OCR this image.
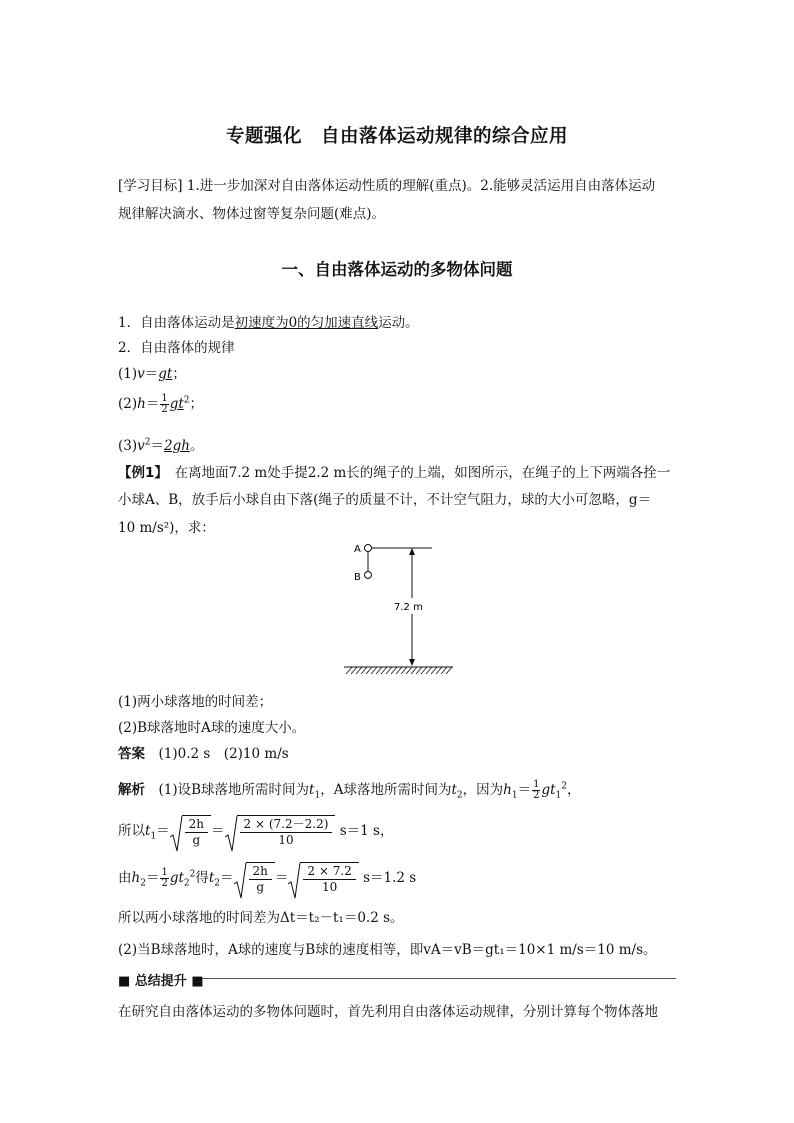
专题强化　自由落体运动规律的综合应用
[学习目标] 1.进一步加深对自由落体运动性质的理解(重点)。2.能够灵活运用自由落体运动
规律解决滴水、物体过窗等复杂问题(难点)。
一、自由落体运动的多物体问题
1．自由落体运动是初速度为0的匀加速直线运动。
2．自由落体的规律
(1)v＝gt；
$(2)h= \frac{1}{2} gt^2$；
$(3)v^2=2gh$。
【例1】　在离地面7.2 m处手提2.2 m长的绳子的上端，如图所示，在绳子的上下两端各拴一
小球A、B，放手后小球自由下落(绳子的质量不计，不计空气阻力，球的大小可忽略，g＝
10 m/s²)，求：
A
B
7.2 m
(1)两小球落地的时间差；
(2)B球落地时A球的速度大小。
答案　(1)0.2 s　(2)10 m/s
解析　(1)设B球落地所需时间为$t_1$，A球落地所需时间为$t_2$，因为$h_1= \frac{1}{2} gt_1^2$，
所以$t_1= \frac{2h}{g} = \frac{2 \times (7.2-2.2)}{10} s=1$ s，
由$h_2= \frac{1}{2} gt_2^2$得$t_2= \frac{2h}{g} = \frac{2 \times 7.2}{10} s=1.2$ s
所以两小球落地的时间差为Δt＝t₂－t₁＝0.2 s。
(2)当B球落地时，A球的速度与B球的速度相等，即vA＝vB＝gt₁＝10×1 m/s＝10 m/s。
■ 总结提升 ■
在研究自由落体运动的多物体问题时，首先利用自由落体运动规律，分别计算每个物体落地
